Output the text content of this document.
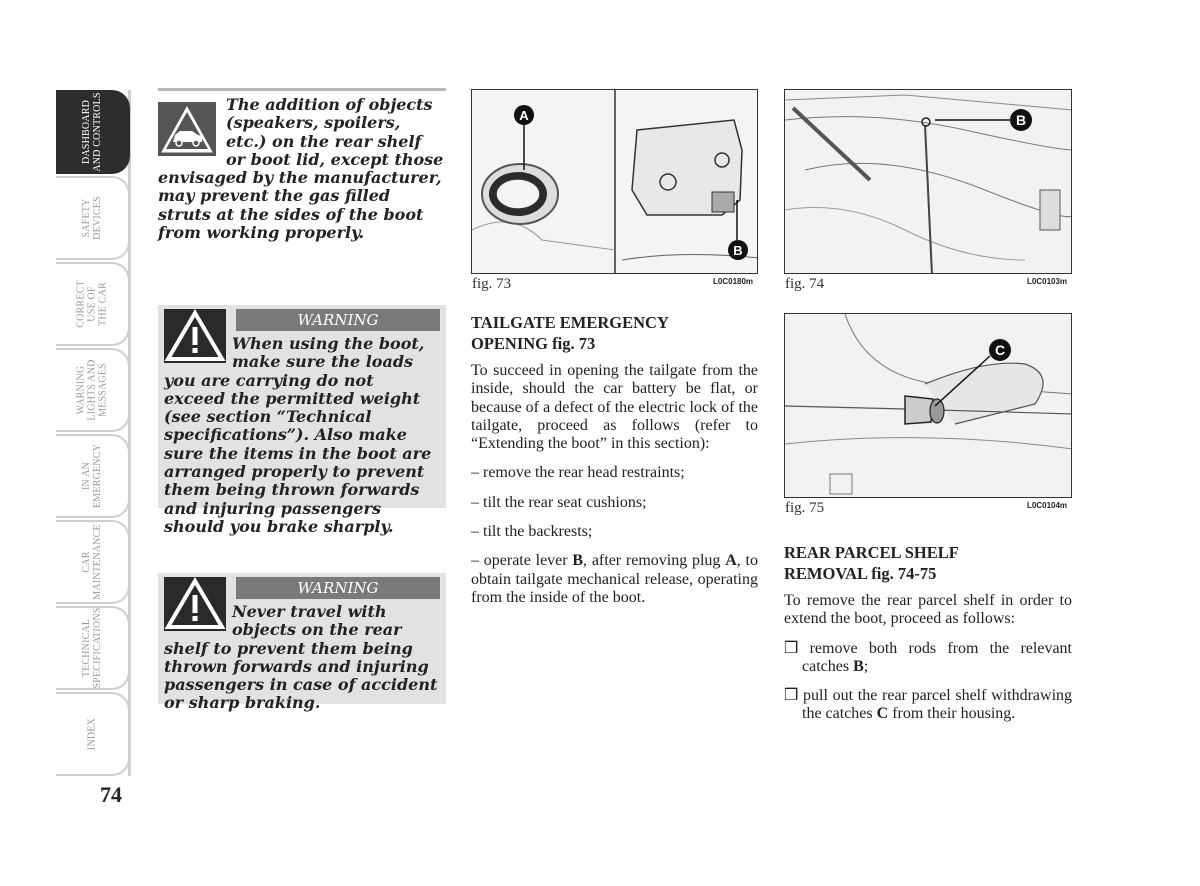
DASHBOARD
AND CONTROLS
SAFETY
DEVICES
CORRECT
USE OF
THE CAR
WARNING
LIGHTS AND
MESSAGES
IN AN
EMERGENCY
CAR
MAINTENANCE
TECHNICAL
SPECIFICATIONS
INDEX
74
The addition of objects (speakers, spoilers, etc.) on the rear shelf or boot lid, except those envisaged by the manufacturer, may prevent the gas filled struts at the sides of the boot from working properly.
WARNING
When using the boot, make sure the loads you are carrying do not exceed the permitted weight (see section “Technical specifications”). Also make sure the items in the boot are arranged properly to prevent them being thrown forwards and injuring passengers should you brake sharply.
WARNING
Never travel with objects on the rear shelf to prevent them being thrown forwards and injuring passengers in case of accident or sharp braking.
A
B
fig. 73	L0C0180m
TAILGATE EMERGENCY
OPENING fig. 73

To succeed in opening the tailgate from the inside, should the car battery be flat, or because of a defect of the electric lock of the tailgate, proceed as follows (refer to “Extending the boot” in this section):

– remove the rear head restraints;

– tilt the rear seat cushions;

– tilt the backrests;

– operate lever B, after removing plug A, to obtain tailgate mechanical release, operating from the inside of the boot.

B
fig. 74	L0C0103m
C
fig. 75	L0C0104m
REAR PARCEL SHELF
REMOVAL fig. 74-75

To remove the rear parcel shelf in order to extend the boot, proceed as follows:

❒ remove both rods from the relevant catches B;

❒ pull out the rear parcel shelf withdrawing the catches C from their housing.
